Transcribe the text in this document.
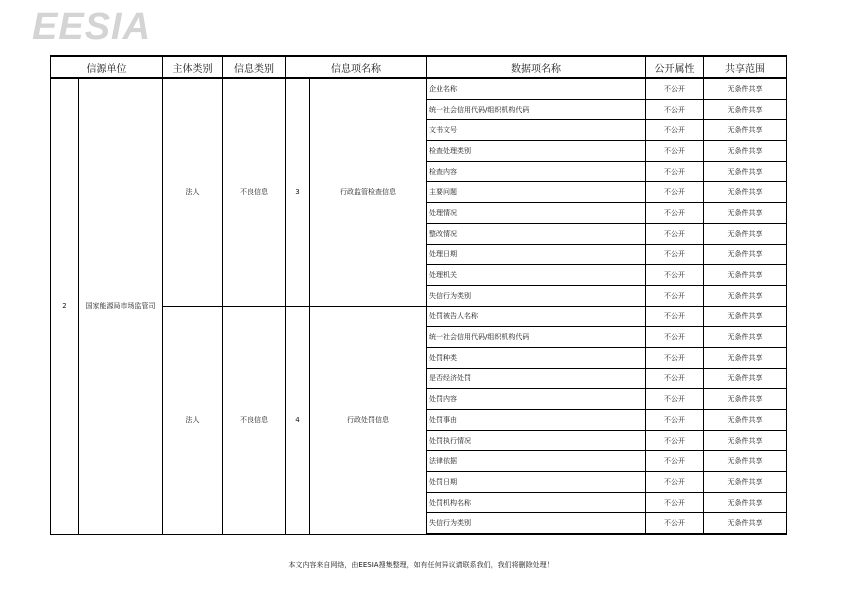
EESIA
信源单位		主体类别	信息类别	信息项名称		数据项名称	公开属性	共享范围
2	国家能源局市场监管司	法人	不良信息	3	行政监管检查信息	企业名称	不公开	无条件共享
						统一社会信用代码/组织机构代码	不公开	无条件共享
						文书文号	不公开	无条件共享
						检查处理类别	不公开	无条件共享
						检查内容	不公开	无条件共享
						主要问题	不公开	无条件共享
						处理情况	不公开	无条件共享
						整改情况	不公开	无条件共享
						处理日期	不公开	无条件共享
						处理机关	不公开	无条件共享
						失信行为类别	不公开	无条件共享
		法人	不良信息	4	行政处罚信息	处罚被告人名称	不公开	无条件共享
						统一社会信用代码/组织机构代码	不公开	无条件共享
						处罚种类	不公开	无条件共享
						是否经济处罚	不公开	无条件共享
						处罚内容	不公开	无条件共享
						处罚事由	不公开	无条件共享
						处罚执行情况	不公开	无条件共享
						法律依据	不公开	无条件共享
						处罚日期	不公开	无条件共享
						处罚机构名称	不公开	无条件共享
						失信行为类别	不公开	无条件共享
本文内容来自网络，由EESIA搜集整理，如有任何异议请联系我们，我们将删除处理！
